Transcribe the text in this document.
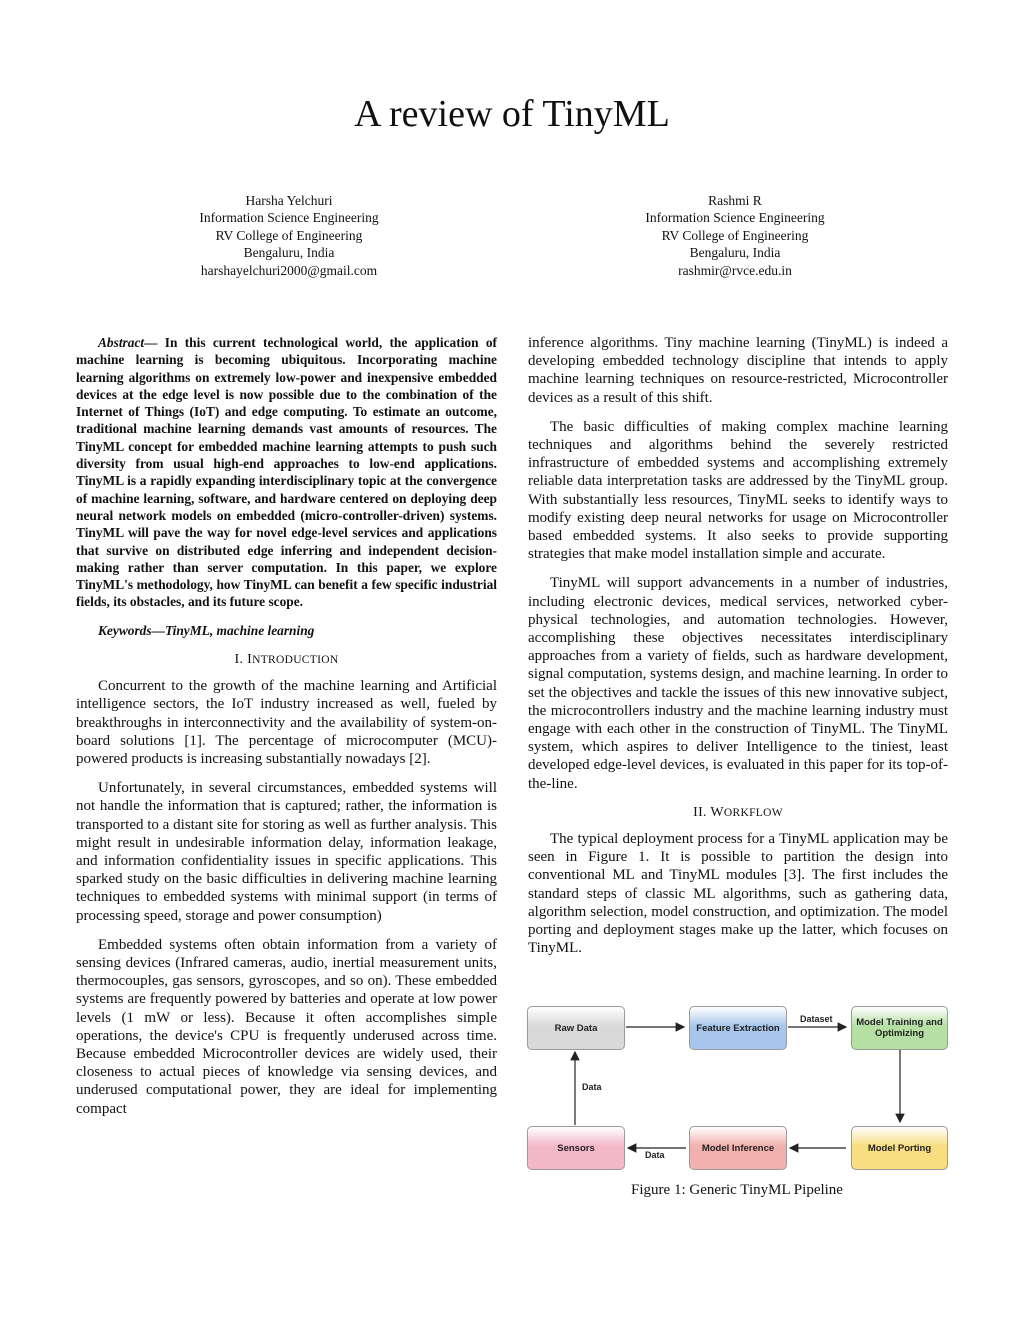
A review of TinyML
Harsha Yelchuri
Information Science Engineering
RV College of Engineering
Bengaluru, India
harshayelchuri2000@gmail.com
Rashmi R
Information Science Engineering
RV College of Engineering
Bengaluru, India
rashmir@rvce.edu.in

Abstract— In this current technological world, the application of machine learning is becoming ubiquitous. Incorporating machine learning algorithms on extremely low-power and inexpensive embedded devices at the edge level is now possible due to the combination of the Internet of Things (IoT) and edge computing. To estimate an outcome, traditional machine learning demands vast amounts of resources. The TinyML concept for embedded machine learning attempts to push such diversity from usual high-end approaches to low-end applications. TinyML is a rapidly expanding interdisciplinary topic at the convergence of machine learning, software, and hardware centered on deploying deep neural network models on embedded (micro-controller-driven) systems. TinyML will pave the way for novel edge-level services and applications that survive on distributed edge inferring and independent decision-making rather than server computation. In this paper, we explore TinyML's methodology, how TinyML can benefit a few specific industrial fields, its obstacles, and its future scope.

Keywords—TinyML, machine learning

I. INTRODUCTION

Concurrent to the growth of the machine learning and Artificial intelligence sectors, the IoT industry increased as well, fueled by breakthroughs in interconnectivity and the availability of system-on-board solutions [1]. The percentage of microcomputer (MCU)-powered products is increasing substantially nowadays [2].

Unfortunately, in several circumstances, embedded systems will not handle the information that is captured; rather, the information is transported to a distant site for storing as well as further analysis. This might result in undesirable information delay, information leakage, and information confidentiality issues in specific applications. This sparked study on the basic difficulties in delivering machine learning techniques to embedded systems with minimal support (in terms of processing speed, storage and power consumption)

Embedded systems often obtain information from a variety of sensing devices (Infrared cameras, audio, inertial measurement units, thermocouples, gas sensors, gyroscopes, and so on). These embedded systems are frequently powered by batteries and operate at low power levels (1 mW or less). Because it often accomplishes simple operations, the device's CPU is frequently underused across time. Because embedded Microcontroller devices are widely used, their closeness to actual pieces of knowledge via sensing devices, and underused computational power, they are ideal for implementing compact

inference algorithms. Tiny machine learning (TinyML) is indeed a developing embedded technology discipline that intends to apply machine learning techniques on resource-restricted, Microcontroller devices as a result of this shift.

The basic difficulties of making complex machine learning techniques and algorithms behind the severely restricted infrastructure of embedded systems and accomplishing extremely reliable data interpretation tasks are addressed by the TinyML group. With substantially less resources, TinyML seeks to identify ways to modify existing deep neural networks for usage on Microcontroller based embedded systems. It also seeks to provide supporting strategies that make model installation simple and accurate.

TinyML will support advancements in a number of industries, including electronic devices, medical services, networked cyber-physical technologies, and automation technologies. However, accomplishing these objectives necessitates interdisciplinary approaches from a variety of fields, such as hardware development, signal computation, systems design, and machine learning. In order to set the objectives and tackle the issues of this new innovative subject, the microcontrollers industry and the machine learning industry must engage with each other in the construction of TinyML. The TinyML system, which aspires to deliver Intelligence to the tiniest, least developed edge-level devices, is evaluated in this paper for its top-of-the-line.

II. WORKFLOW

The typical deployment process for a TinyML application may be seen in Figure 1. It is possible to partition the design into conventional ML and TinyML modules [3]. The first includes the standard steps of classic ML algorithms, such as gathering data, algorithm selection, model construction, and optimization. The model porting and deployment stages make up the latter, which focuses on TinyML.

Raw Data	Feature Extraction	Model Training and Optimizing
Sensors	Model Inference	Model Porting
Dataset
Data
Data
Figure 1: Generic TinyML Pipeline
